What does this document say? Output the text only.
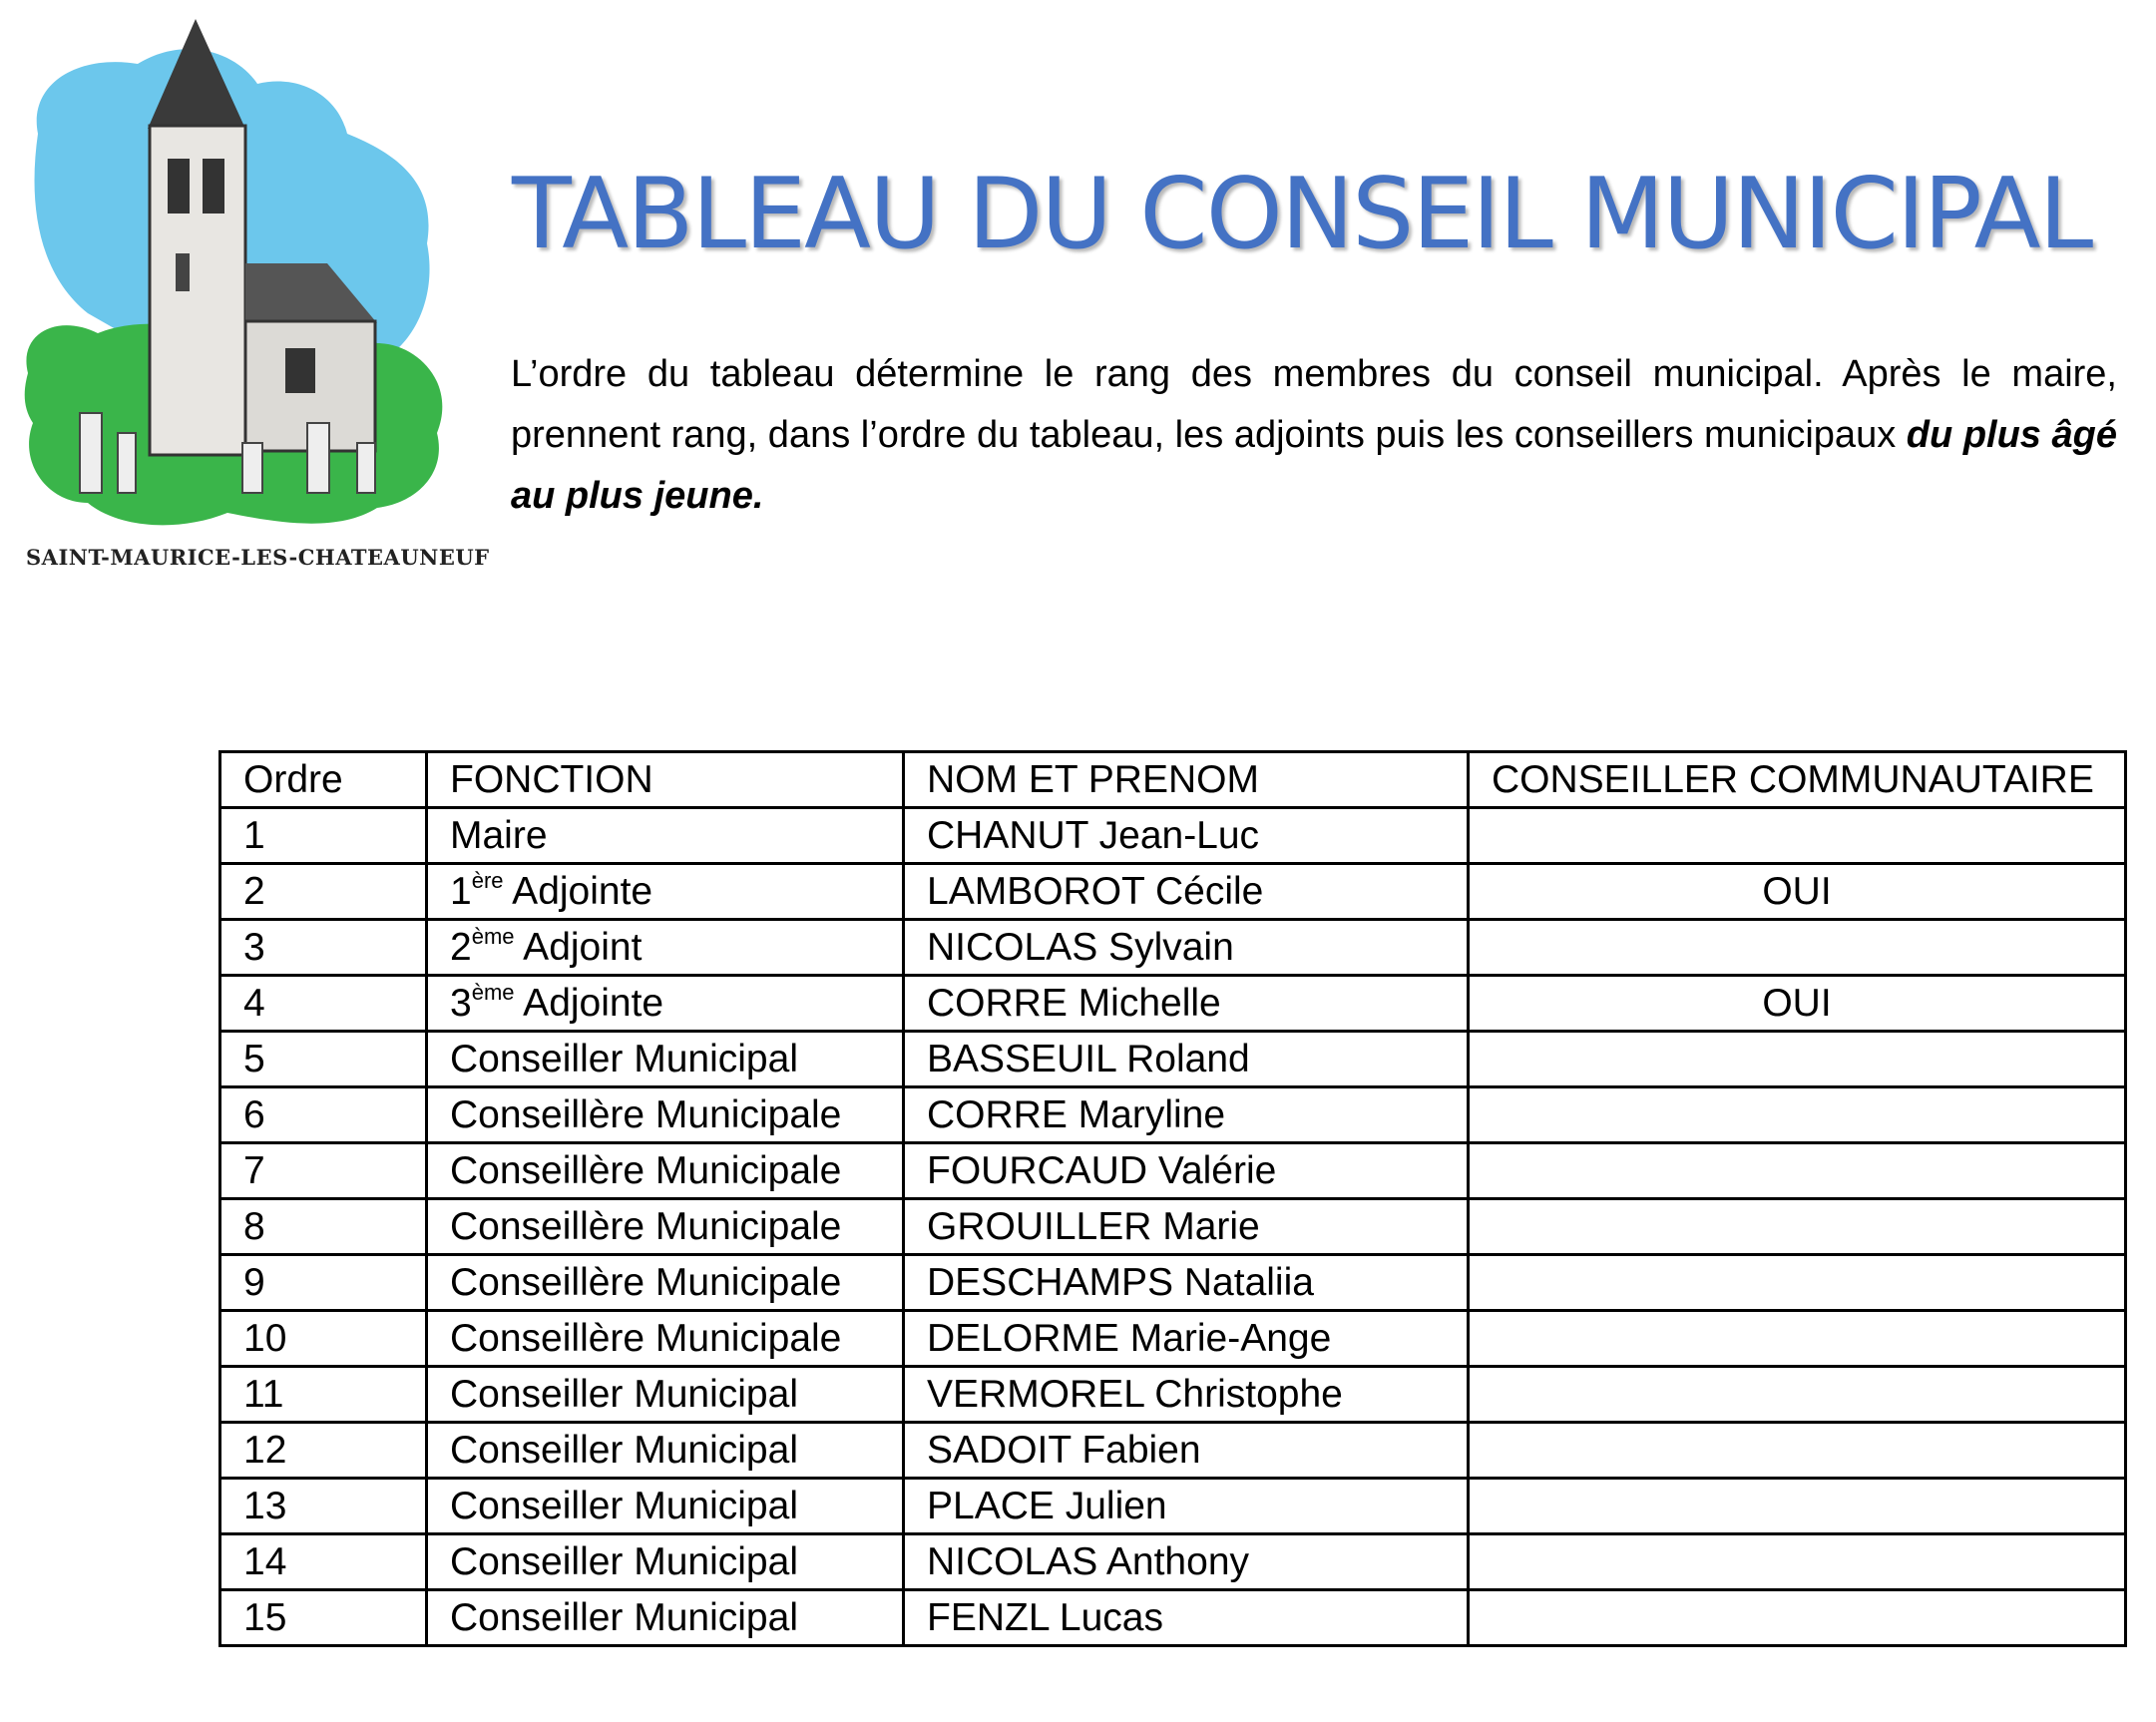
SAINT-MAURICE-LES-CHATEAUNEUF
TABLEAU DU CONSEIL MUNICIPAL
L’ordre du tableau détermine le rang des membres du conseil municipal. Après le maire, prennent rang, dans l’ordre du tableau, les adjoints puis les conseillers municipaux du plus âgé au plus jeune.
Ordre	FONCTION	NOM ET PRENOM	CONSEILLER COMMUNAUTAIRE
1	Maire	CHANUT Jean-Luc	
2	1ère Adjointe	LAMBOROT Cécile	OUI
3	2ème Adjoint	NICOLAS Sylvain	
4	3ème Adjointe	CORRE Michelle	OUI
5	Conseiller Municipal	BASSEUIL Roland	
6	Conseillère Municipale	CORRE Maryline	
7	Conseillère Municipale	FOURCAUD Valérie	
8	Conseillère Municipale	GROUILLER Marie	
9	Conseillère Municipale	DESCHAMPS Nataliia	
10	Conseillère Municipale	DELORME Marie-Ange	
11	Conseiller Municipal	VERMOREL Christophe	
12	Conseiller Municipal	SADOIT Fabien	
13	Conseiller Municipal	PLACE Julien	
14	Conseiller Municipal	NICOLAS Anthony	
15	Conseiller Municipal	FENZL Lucas	
